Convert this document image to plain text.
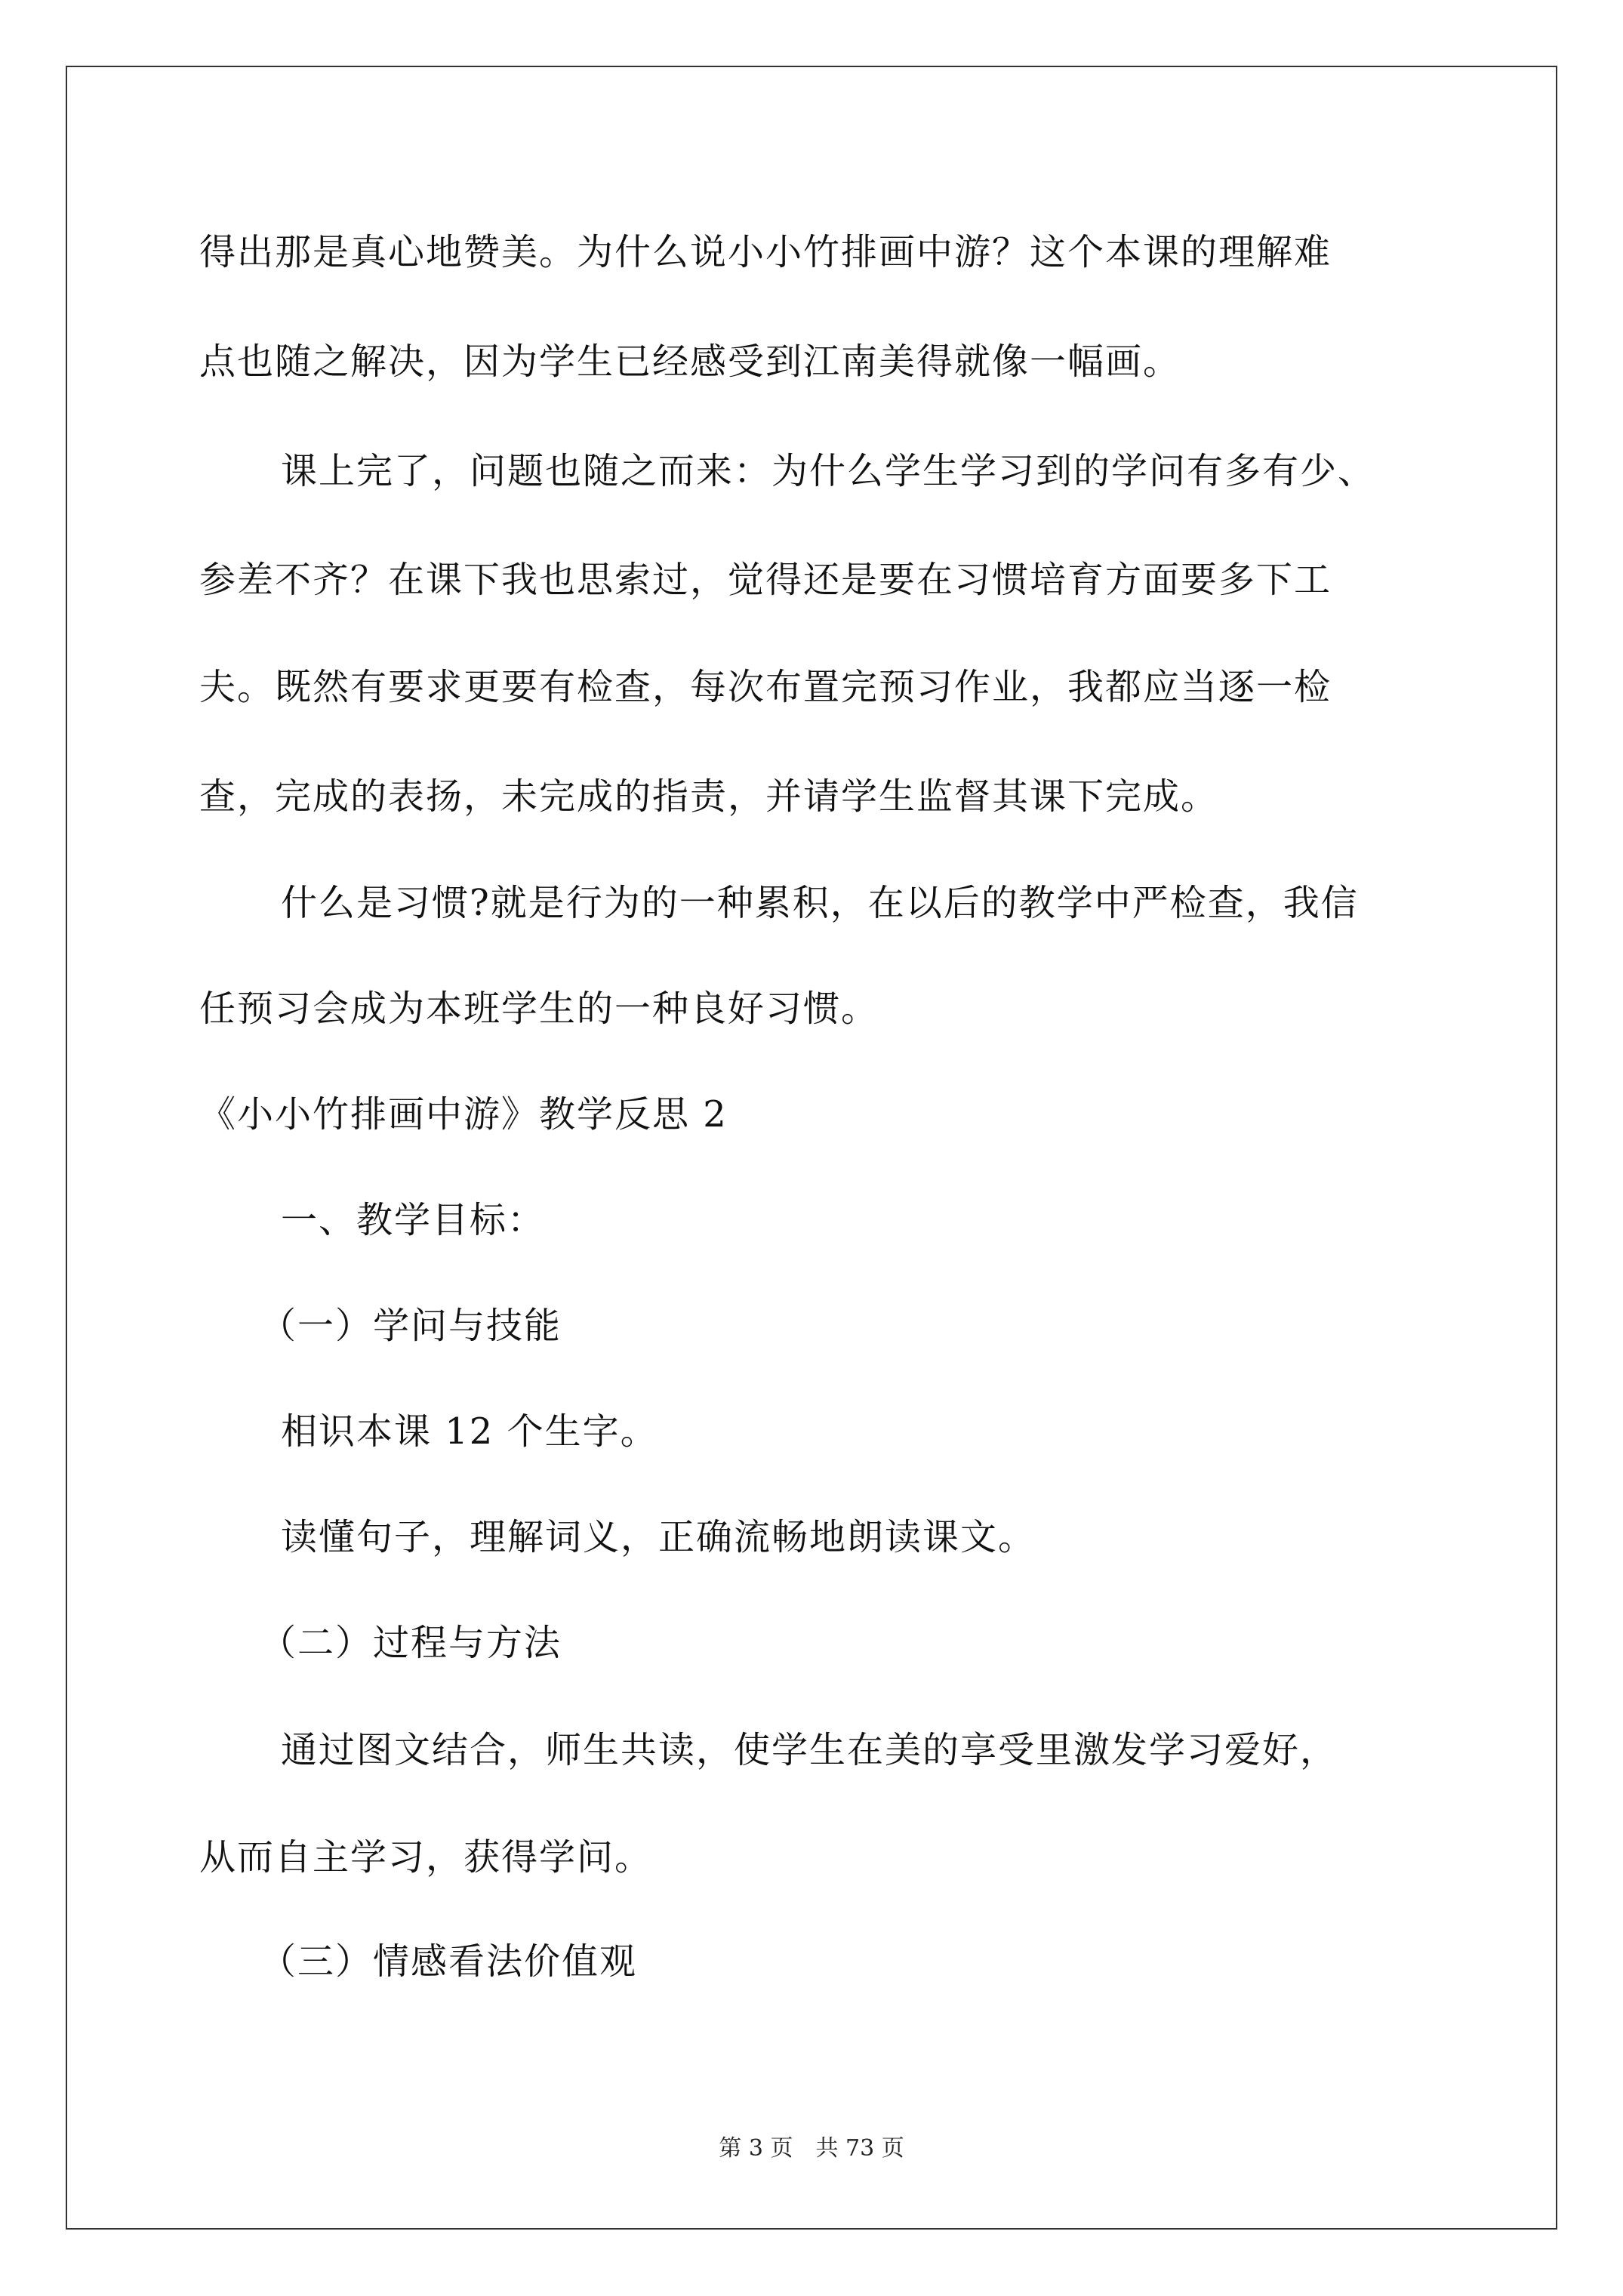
得出那是真心地赞美。为什么说小小竹排画中游？这个本课的理解难
点也随之解决，因为学生已经感受到江南美得就像一幅画。
课上完了，问题也随之而来：为什么学生学习到的学问有多有少、
参差不齐？在课下我也思索过，觉得还是要在习惯培育方面要多下工
夫。既然有要求更要有检查，每次布置完预习作业，我都应当逐一检
查，完成的表扬，未完成的指责，并请学生监督其课下完成。
什么是习惯?就是行为的一种累积，在以后的教学中严检查，我信
任预习会成为本班学生的一种良好习惯。
《小小竹排画中游》教学反思 2
一、教学目标：
（一）学问与技能
相识本课 12 个生字。
读懂句子，理解词义，正确流畅地朗读课文。
（二）过程与方法
通过图文结合，师生共读，使学生在美的享受里激发学习爱好，
从而自主学习，获得学问。
（三）情感看法价值观
第 3 页　共 73 页
